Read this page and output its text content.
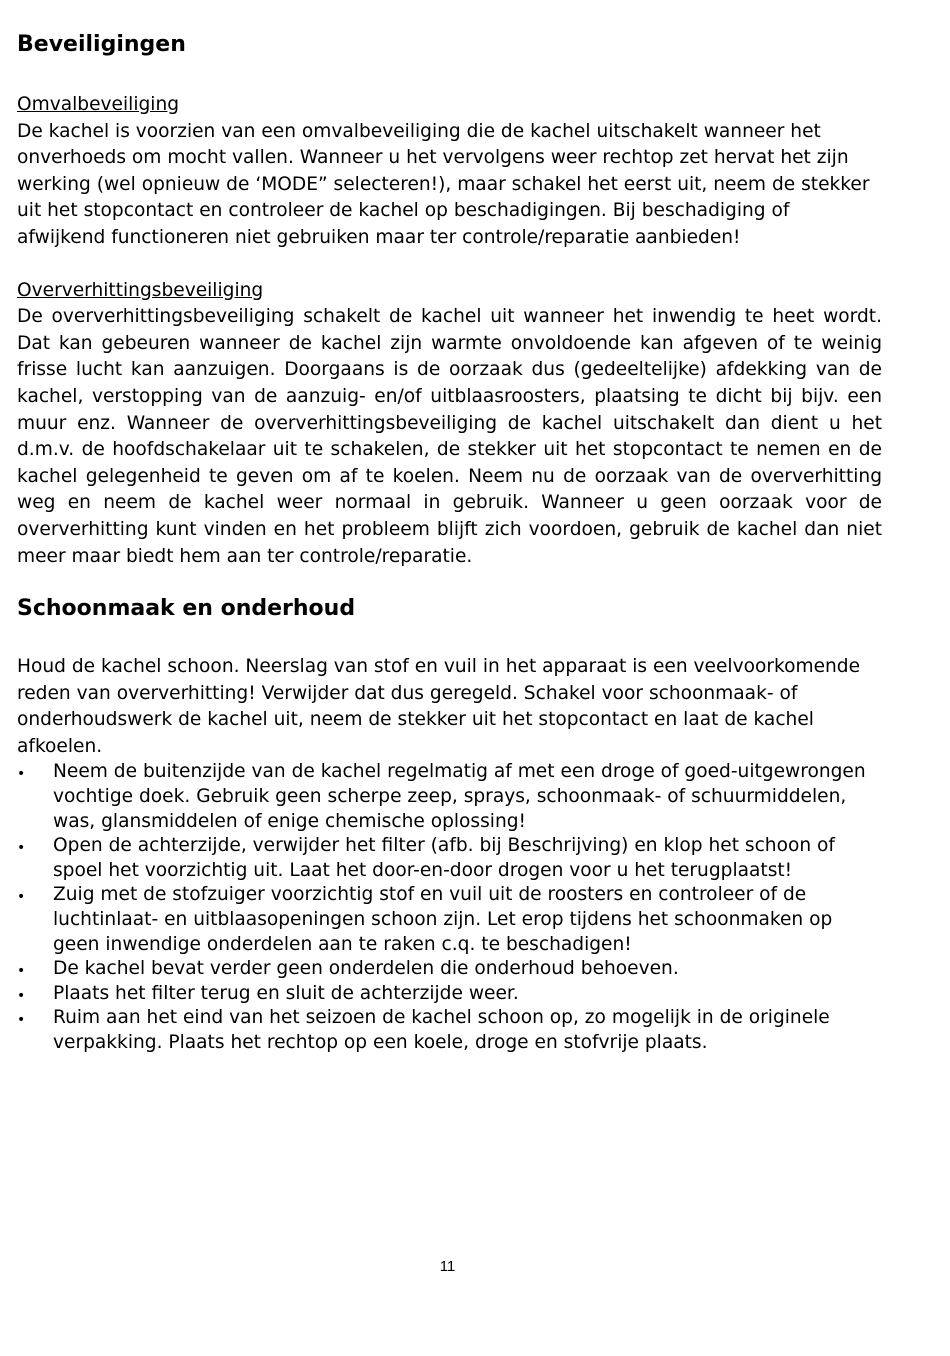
Beveiligingen
Omvalbeveiliging

De kachel is voorzien van een omvalbeveiliging die de kachel uitschakelt wanneer het onverhoeds om mocht vallen. Wanneer u het vervolgens weer rechtop zet hervat het zijn werking (wel opnieuw de ‘MODE” selecteren!), maar schakel het eerst uit, neem de stekker uit het stopcontact en controleer de kachel op beschadigingen. Bij beschadiging of afwijkend functioneren niet gebruiken maar ter controle/reparatie aanbieden!

Oververhittingsbeveiliging

De oververhittingsbeveiliging schakelt de kachel uit wanneer het inwendig te heet wordt. Dat kan gebeuren wanneer de kachel zijn warmte onvoldoende kan afgeven of te weinig frisse lucht kan aanzuigen. Doorgaans is de oorzaak dus (gedeeltelijke) afdekking van de kachel, verstopping van de aanzuig- en/of uitblaasroosters, plaatsing te dicht bij bijv. een muur enz. Wanneer de oververhittingsbeveiliging de kachel uitschakelt dan dient u het d.m.v. de hoofdschakelaar uit te schakelen, de stekker uit het stopcontact te nemen en de kachel gelegenheid te geven om af te koelen. Neem nu de oorzaak van de oververhitting weg en neem de kachel weer normaal in gebruik. Wanneer u geen oorzaak voor de oververhitting kunt vinden en het probleem blijft zich voordoen, gebruik de kachel dan niet meer maar biedt hem aan ter controle/reparatie.

Schoonmaak en onderhoud

Houd de kachel schoon. Neerslag van stof en vuil in het apparaat is een veelvoorkomende reden van oververhitting! Verwijder dat dus geregeld. Schakel voor schoonmaak- of onderhoudswerk de kachel uit, neem de stekker uit het stopcontact en laat de kachel afkoelen.

•	Neem de buitenzijde van de kachel regelmatig af met een droge of goed-uitgewrongen vochtige doek. Gebruik geen scherpe zeep, sprays, schoonmaak- of schuurmiddelen, was, glansmiddelen of enige chemische oplossing!
•	Open de achterzijde, verwijder het filter (afb. bij Beschrijving) en klop het schoon of spoel het voorzichtig uit. Laat het door-en-door drogen voor u het terugplaatst!
•	Zuig met de stofzuiger voorzichtig stof en vuil uit de roosters en controleer of de luchtinlaat- en uitblaasopeningen schoon zijn. Let erop tijdens het schoonmaken op geen inwendige onderdelen aan te raken c.q. te beschadigen!
•	De kachel bevat verder geen onderdelen die onderhoud behoeven.
•	Plaats het filter terug en sluit de achterzijde weer.
•	Ruim aan het eind van het seizoen de kachel schoon op, zo mogelijk in de originele verpakking. Plaats het rechtop op een koele, droge en stofvrije plaats.
11
